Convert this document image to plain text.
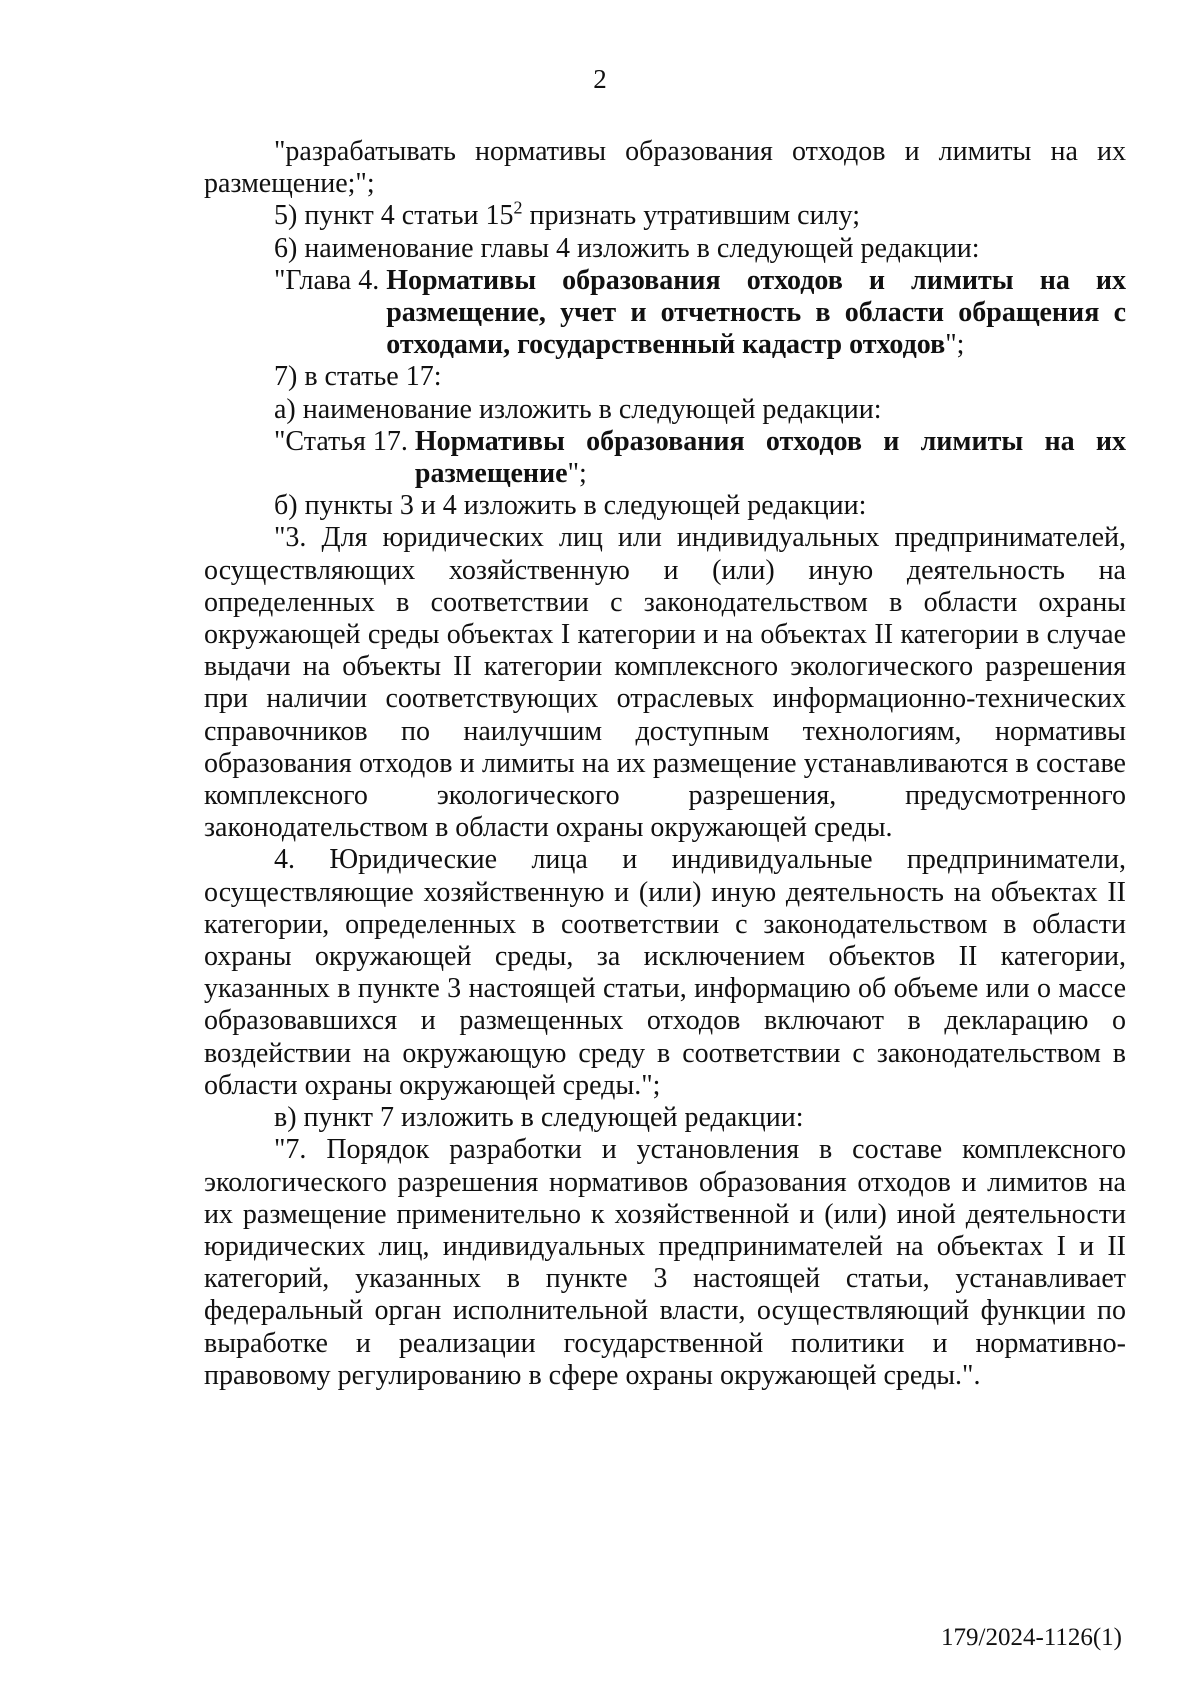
2

"разрабатывать нормативы образования отходов и лимиты на их размещение;";

5) пункт 4 статьи $15^2$ признать утратившим силу;

6) наименование главы 4 изложить в следующей редакции:

"Глава 4. Нормативы образования отходов и лимиты на их размещение, учет и отчетность в области обращения с отходами, государственный кадастр отходов";

7) в статье 17:

а) наименование изложить в следующей редакции:

"Статья 17. Нормативы образования отходов и лимиты на их размещение";

б) пункты 3 и 4 изложить в следующей редакции:

"3. Для юридических лиц или индивидуальных предпринимателей, осуществляющих хозяйственную и (или) иную деятельность на определенных в соответствии с законодательством в области охраны окружающей среды объектах I категории и на объектах II категории в случае выдачи на объекты II категории комплексного экологического разрешения при наличии соответствующих отраслевых информационно-технических справочников по наилучшим доступным технологиям, нормативы образования отходов и лимиты на их размещение устанавливаются в составе комплексного экологического разрешения, предусмотренного законодательством в области охраны окружающей среды.

4. Юридические лица и индивидуальные предприниматели, осуществляющие хозяйственную и (или) иную деятельность на объектах II категории, определенных в соответствии с законодательством в области охраны окружающей среды, за исключением объектов II категории, указанных в пункте 3 настоящей статьи, информацию об объеме или о массе образовавшихся и размещенных отходов включают в декларацию о воздействии на окружающую среду в соответствии с законодательством в области охраны окружающей среды.";

в) пункт 7 изложить в следующей редакции:

"7. Порядок разработки и установления в составе комплексного экологического разрешения нормативов образования отходов и лимитов на их размещение применительно к хозяйственной и (или) иной деятельности юридических лиц, индивидуальных предпринимателей на объектах I и II категорий, указанных в пункте 3 настоящей статьи, устанавливает федеральный орган исполнительной власти, осуществляющий функции по выработке и реализации государственной политики и нормативно-правовому регулированию в сфере охраны окружающей среды.".

179/2024-1126(1)
